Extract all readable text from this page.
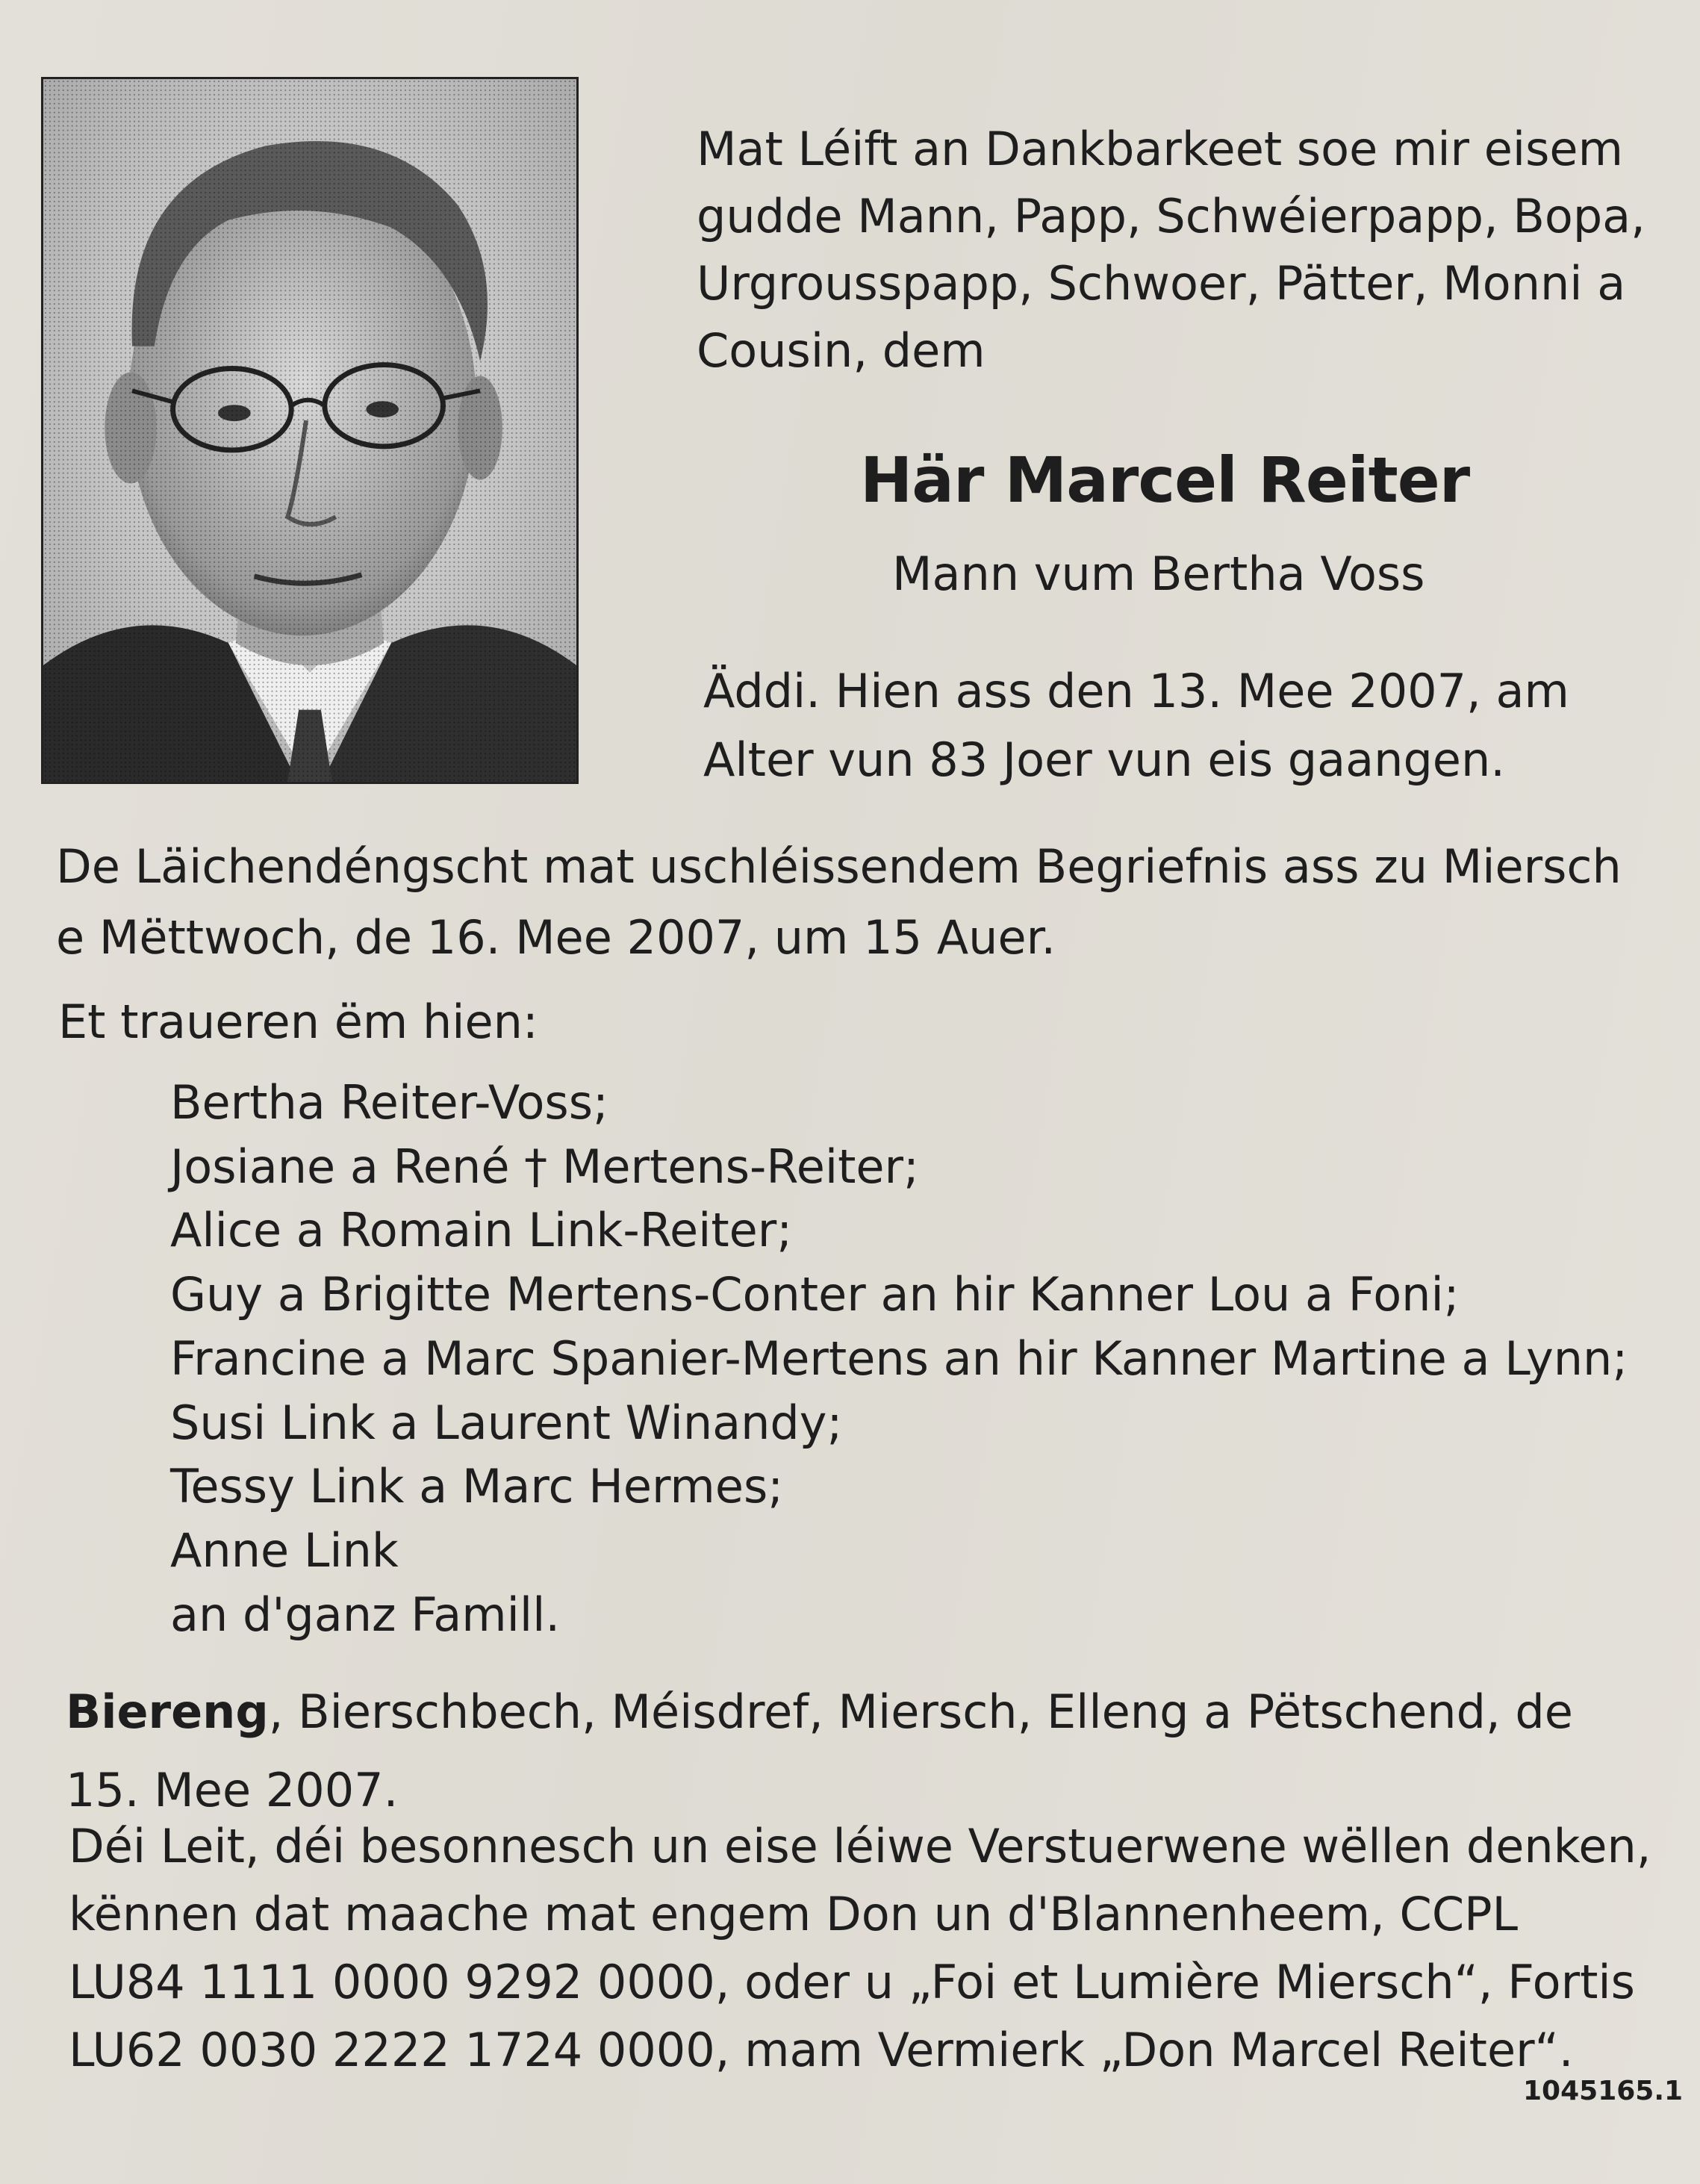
Mat Léift an Dankbarkeet soe mir eisem
gudde Mann, Papp, Schwéierpapp, Bopa,
Urgrousspapp, Schwoer, Pätter, Monni a
Cousin, dem

Här Marcel Reiter

Mann vum Bertha Voss

Äddi. Hien ass den 13. Mee 2007, am
Alter vun 83 Joer vun eis gaangen.

De Läichendéngscht mat uschléissendem Begriefnis ass zu Miersch
e Mëttwoch, de 16. Mee 2007, um 15 Auer.

Et traueren ëm hien:

Bertha Reiter-Voss;
Josiane a René † Mertens-Reiter;
Alice a Romain Link-Reiter;
Guy a Brigitte Mertens-Conter an hir Kanner Lou a Foni;
Francine a Marc Spanier-Mertens an hir Kanner Martine a Lynn;
Susi Link a Laurent Winandy;
Tessy Link a Marc Hermes;
Anne Link
an d'ganz Famill.

Biereng, Bierschbech, Méisdref, Miersch, Elleng a Pëtschend, de
15. Mee 2007.

Déi Leit, déi besonnesch un eise léiwe Verstuerwene wëllen denken,
kënnen dat maache mat engem Don un d'Blannenheem, CCPL
LU84 1111 0000 9292 0000, oder u „Foi et Lumière Miersch“, Fortis
LU62 0030 2222 1724 0000, mam Vermierk „Don Marcel Reiter“.

1045165.1
